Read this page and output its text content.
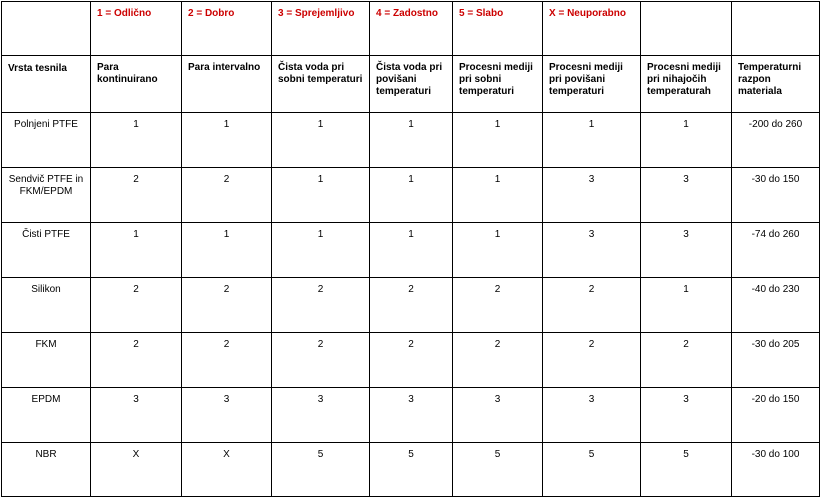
	1 = Odlično	2 = Dobro	3 = Sprejemljivo	4 = Zadostno	5 = Slabo	X = Neuporabno		
Vrsta tesnila	Para kontinuirano	Para intervalno	Čista voda pri sobni temperaturi	Čista voda pri povišani temperaturi	Procesni mediji pri sobni temperaturi	Procesni mediji pri povišani temperaturi	Procesni mediji pri nihajočih temperaturah	Temperaturni razpon materiala
Polnjeni PTFE	1	1	1	1	1	1	1	-200 do 260
Sendvič PTFE in FKM/EPDM	2	2	1	1	1	3	3	-30 do 150
Čisti PTFE	1	1	1	1	1	3	3	-74 do 260
Silikon	2	2	2	2	2	2	1	-40 do 230
FKM	2	2	2	2	2	2	2	-30 do 205
EPDM	3	3	3	3	3	3	3	-20 do 150
NBR	X	X	5	5	5	5	5	-30 do 100
